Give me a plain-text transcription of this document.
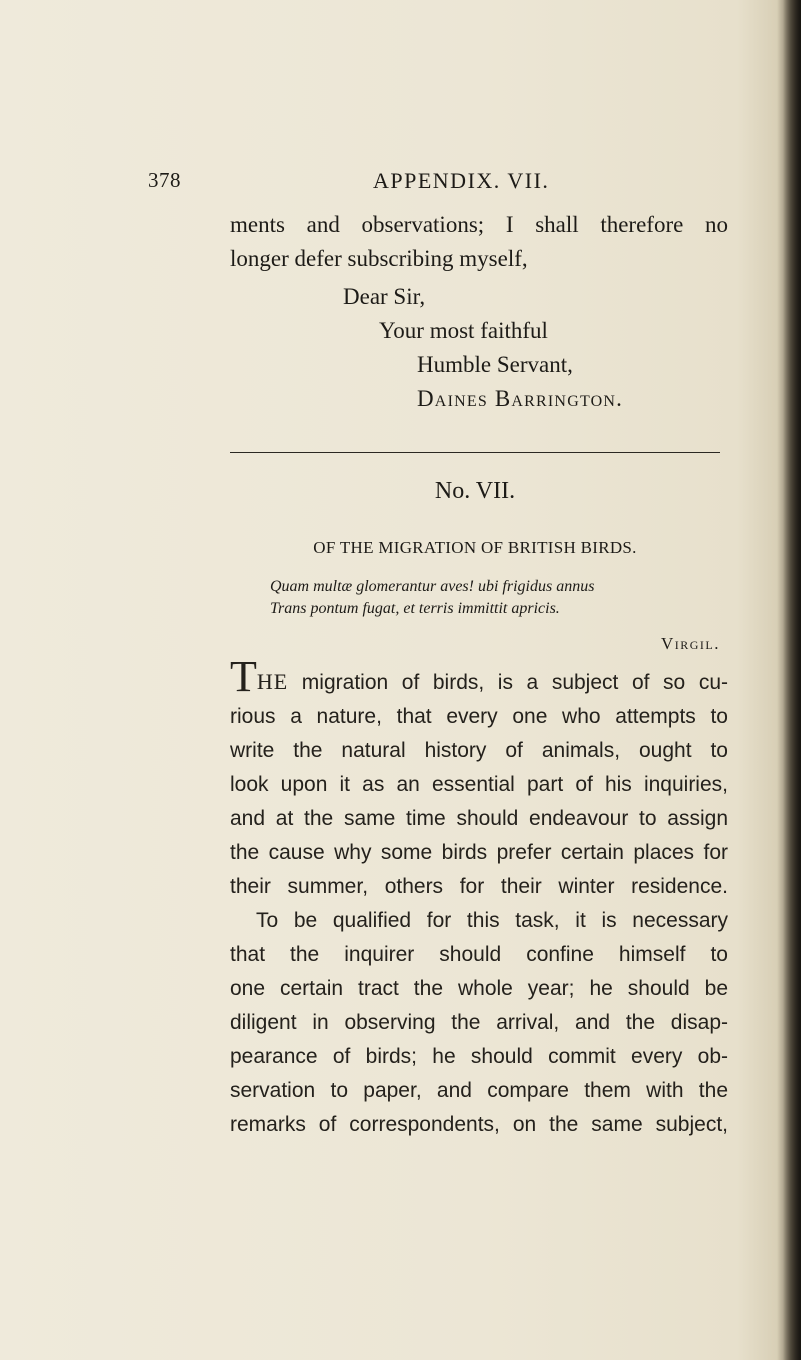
378	APPENDIX. VII.
ments and observations; I shall therefore no
longer defer subscribing myself,
Dear Sir,
Your most faithful
Humble Servant,
Daines Barrington.
No. VII.
OF THE MIGRATION OF BRITISH BIRDS.
Quam multæ glomerantur aves! ubi frigidus annus
Trans pontum fugat, et terris immittit apricis.
Virgil.
THE migration of birds, is a subject of so cu-
rious a nature, that every one who attempts to
write the natural history of animals, ought to
look upon it as an essential part of his inquiries,
and at the same time should endeavour to assign
the cause why some birds prefer certain places for
their summer, others for their winter residence.
To be qualified for this task, it is necessary
that the inquirer should confine himself to
one certain tract the whole year; he should be
diligent in observing the arrival, and the disap-
pearance of birds; he should commit every ob-
servation to paper, and compare them with the
remarks of correspondents, on the same subject,
